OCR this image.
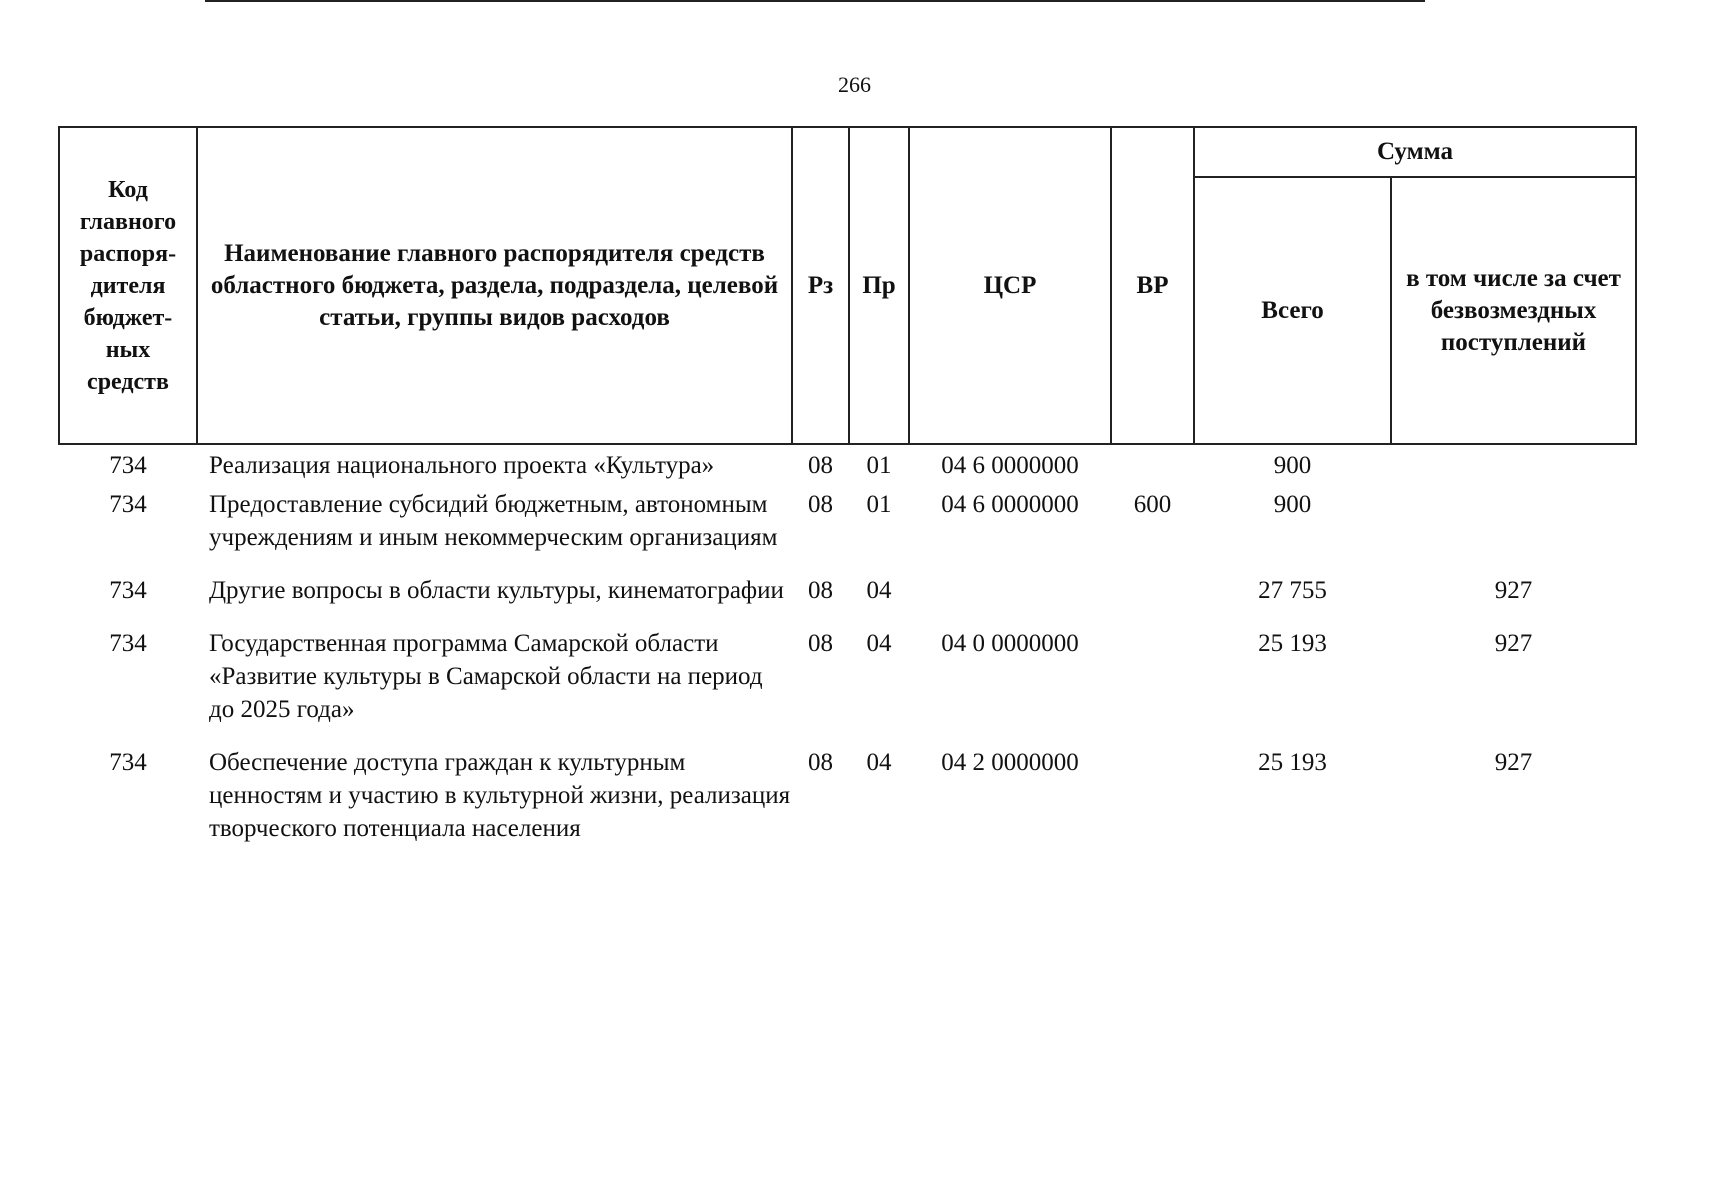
266
Код главного распоря-дителя бюджет-ных средств	Наименование главного распорядителя средств областного бюджета, раздела, подраздела, целевой статьи, группы видов расходов	Рз	Пр	ЦСР	ВР	Сумма	
						Всего	в том числе за счет безвозмездных поступлений
734	Реализация национального проекта «Культура»	08	01	04 6 0000000		900	
734	Предоставление субсидий бюджетным, автономным учреждениям и иным некоммерческим организациям	08	01	04 6 0000000	600	900	
734	Другие вопросы в области культуры, кинематографии	08	04			27 755	927
734	Государственная программа Самарской области «Развитие культуры в Самарской области на период до 2025 года»	08	04	04 0 0000000		25 193	927
734	Обеспечение доступа граждан к культурным ценностям и участию в культурной жизни, реализация творческого потенциала населения	08	04	04 2 0000000		25 193	927
